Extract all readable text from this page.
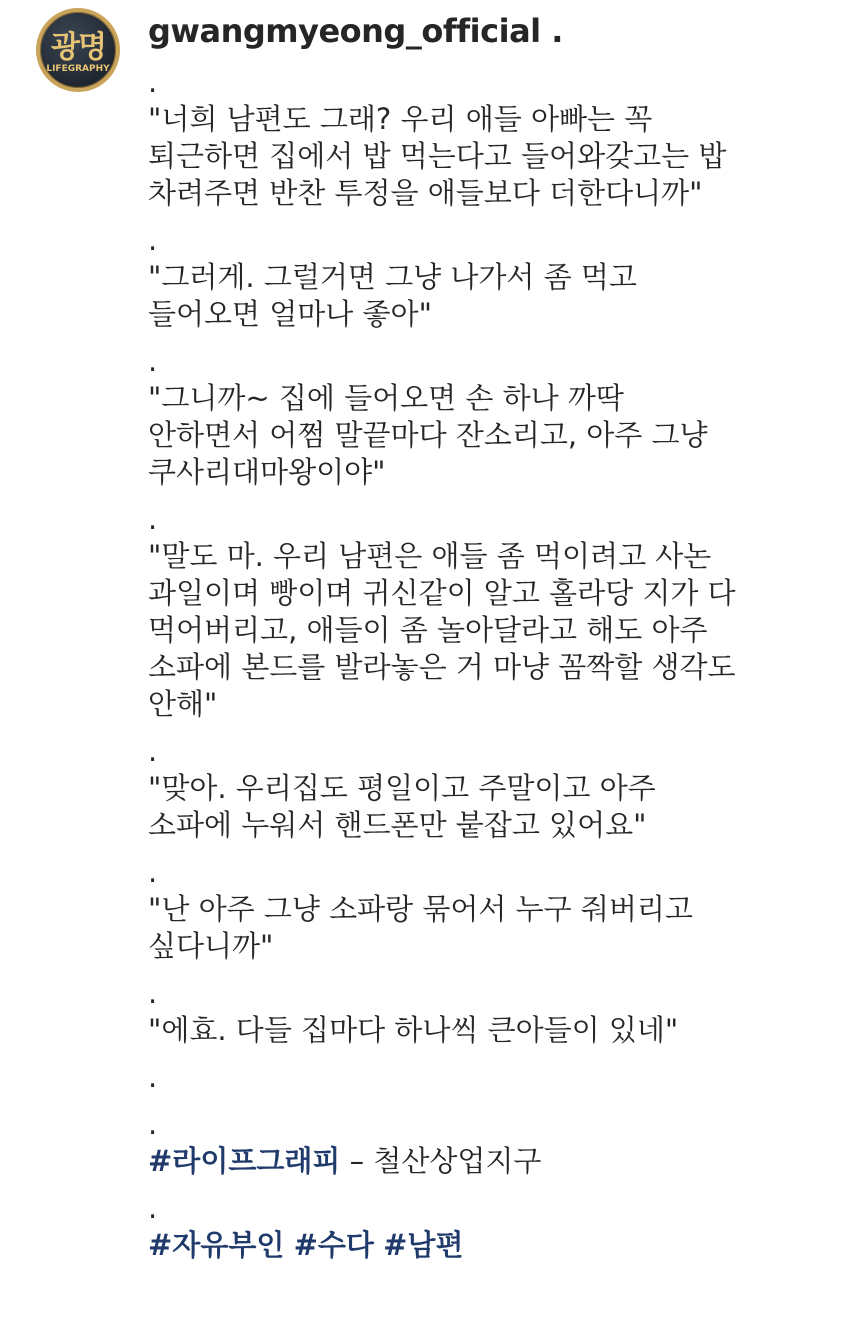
광명
LIFEGRAPHY
gwangmyeong_official .
.
"너희 남편도 그래? 우리 애들 아빠는 꼭
퇴근하면 집에서 밥 먹는다고 들어와갖고는 밥
차려주면 반찬 투정을 애들보다 더한다니까"
.
"그러게. 그럴거면 그냥 나가서 좀 먹고
들어오면 얼마나 좋아"
.
"그니까~ 집에 들어오면 손 하나 까딱
안하면서 어쩜 말끝마다 잔소리고, 아주 그냥
쿠사리대마왕이야"
.
"말도 마. 우리 남편은 애들 좀 먹이려고 사논
과일이며 빵이며 귀신같이 알고 홀라당 지가 다
먹어버리고, 애들이 좀 놀아달라고 해도 아주
소파에 본드를 발라놓은 거 마냥 꼼짝할 생각도
안해"
.
"맞아. 우리집도 평일이고 주말이고 아주
소파에 누워서 핸드폰만 붙잡고 있어요"
.
"난 아주 그냥 소파랑 묶어서 누구 줘버리고
싶다니까"
.
"에효. 다들 집마다 하나씩 큰아들이 있네"
.
.
#라이프그래피 – 철산상업지구
.
#자유부인 #수다 #남편
